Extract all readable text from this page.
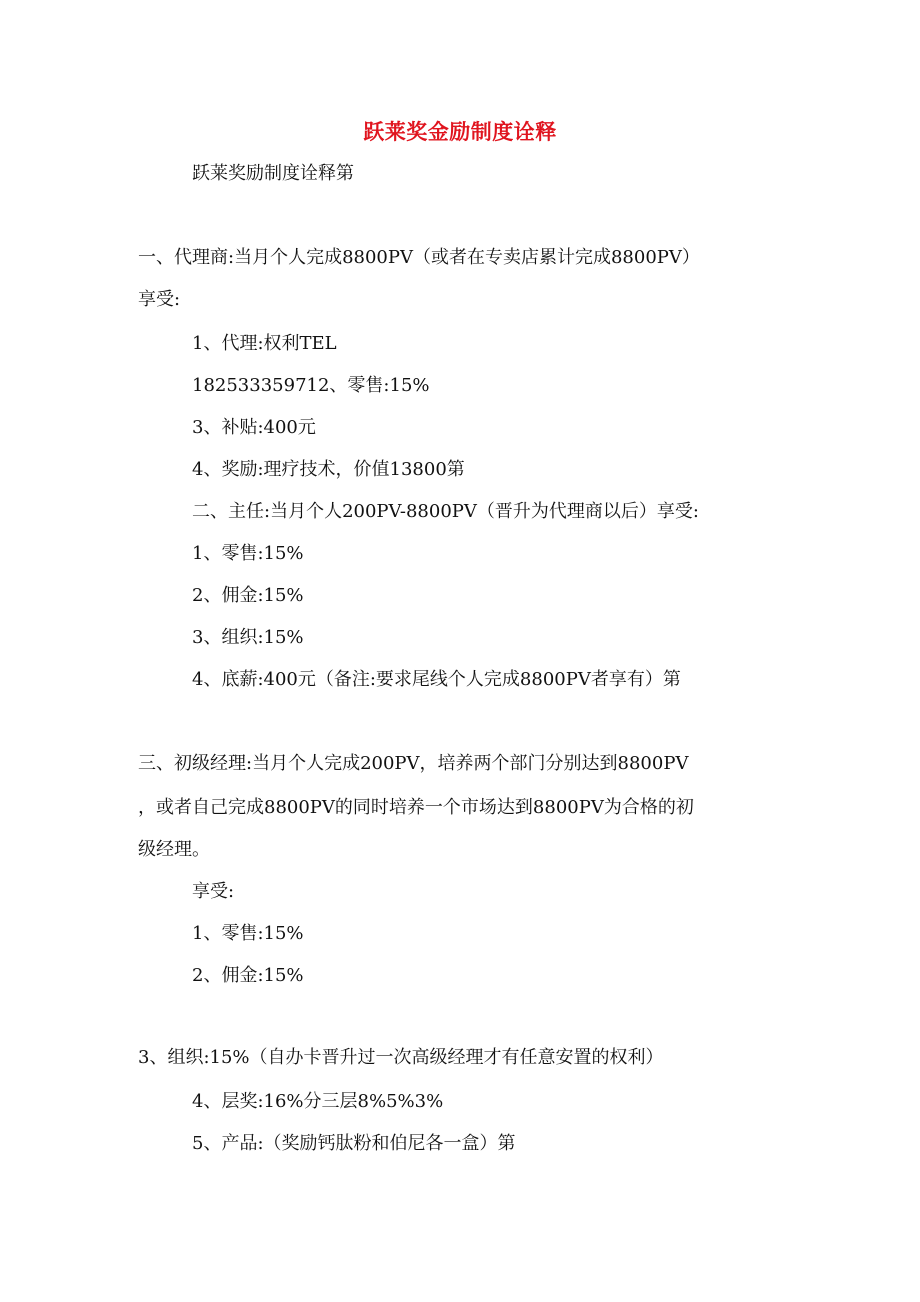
跃莱奖金励制度诠释
跃莱奖励制度诠释第
一、代理商:当月个人完成8800PV（或者在专卖店累计完成8800PV）
享受:
1、代理:权利TEL
182533359712、零售:15%
3、补贴:400元
4、奖励:理疗技术，价值13800第
二、主任:当月个人200PV-8800PV（晋升为代理商以后）享受:
1、零售:15%
2、佣金:15%
3、组织:15%
4、底薪:400元（备注:要求尾线个人完成8800PV者享有）第
三、初级经理:当月个人完成200PV，培养两个部门分别达到8800PV
，或者自己完成8800PV的同时培养一个市场达到8800PV为合格的初
级经理。
享受:
1、零售:15%
2、佣金:15%
3、组织:15%（自办卡晋升过一次高级经理才有任意安置的权利）
4、层奖:16%分三层8%5%3%
5、产品:（奖励钙肽粉和伯尼各一盒）第
